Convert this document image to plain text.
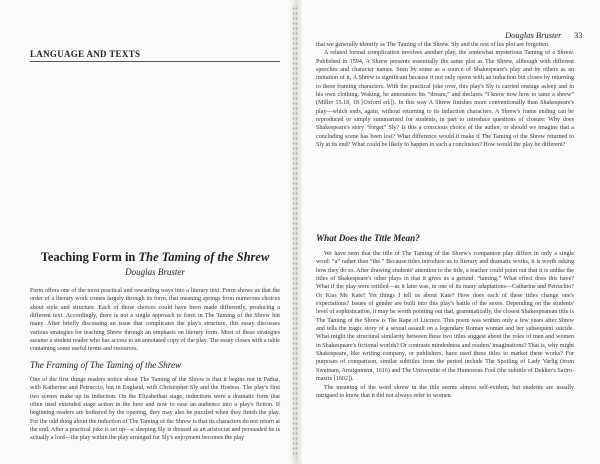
LANGUAGE AND TEXTS
Teaching Form in The Taming of the Shrew
Douglas Bruster

Form offers one of the most practical and rewarding ways into a literary text. Form shows us that the order of a literary work comes largely through its form, that meaning springs from numerous choices about style and structure. Each of those choices could have been made differently, producing a different text. Accordingly, there is not a single approach to form in The Taming of the Shrew but many. After briefly discussing an issue that complicates the play's structure, this essay discusses various strategies for teaching Shrew through an emphasis on literary form. Most of these strategies assume a student reader who has access to an annotated copy of the play. The essay closes with a table containing some useful terms and resources.

The Framing of The Taming of the Shrew

One of the first things readers notice about The Taming of the Shrew is that it begins not in Padua, with Katherine and Petruccio, but in England, with Christopher Sly and the Hostess. The play's first two scenes make up its induction. On the Elizabethan stage, inductions were a dramatic form that often used extended stage action in the here and now to ease an audience into a play's fiction. If beginning readers are bothered by the opening, they may also be puzzled when they finish the play. For the odd thing about the induction of The Taming of the Shrew is that its characters do not return at the end. After a practical joke is set up—a sleeping Sly is dressed as an aristocrat and persuaded he is actually a lord—the play within the play arranged for Sly's enjoyment becomes the play

Douglas Bruster 33

that we generally identify as The Taming of the Shrew. Sly and the rest of his plot are forgotten.

A related formal complication involves another play, the somewhat mysterious Taming of a Shrew. Published in 1594, A Shrew presents essentially the same plot as The Shrew, although with different speeches and character names. Seen by some as a source of Shakespeare's play and by others as an imitation of it, A Shrew is significant because it not only opens with an induction but closes by returning to these framing characters. With the practical joke over, this play's Sly is carried onstage asleep and in his own clothing. Waking, he announces his “dream,” and declares “I know now how to tame a shrew” (Miller 15.18, 18 [Oxford ed.]). In this way A Shrew finishes more conventionally than Shakespeare's play—which ends, again, without returning to its induction characters. A Shrew's frame ending can be reproduced or simply summarized for students, in part to introduce questions of closure: Why does Shakespeare's story “forget” Sly? Is this a conscious choice of the author, or should we imagine that a concluding scene has been lost? What difference would it make if The Taming of the Shrew returned to Sly at its end? What could be likely to happen in such a conclusion? How would the play be different?

What Does the Title Mean?

We have seen that the title of The Taming of the Shrew's companion play differs in only a single word: “a” rather than “the.” Because titles introduce us to literary and dramatic works, it is worth asking how they do so. After drawing students' attention to the title, a teacher could point out that it is unlike the titles of Shakespeare's other plays in that it gives us a gerund: “taming.” What effect does this have? What if the play were retitled—as it later was, in one of its many adaptations—Catharine and Petruchio? Or Kiss Me Kate? Yet things I tell us about Kate? How does each of these titles change one's expectations? Issues of gender are built into this play's battle of the sexes. Depending on the students' level of sophistication, it may be worth pointing out that, grammatically, the closest Shakespearean title is The Taming of the Shrew is The Rape of Lucrece. This poem was written only a few years after Shrew and tells the tragic story of a sexual assault on a legendary Roman woman and her subsequent suicide. What might the structural similarity between these two titles suggest about the roles of men and women in Shakespeare's fictional worlds? Or contrasts mindedness and readers' imaginations? That is, why might Shakespeare, like writing company, or publishers, have used these titles to market these works? For purposes of comparison, similar subtitles from the period include The Spoiling of Lady Varlig (from Swetnam, Arraignment, 1616) and The Universitie of the Humorous Fool (the subtitle of Dekker's Satiro-mastix [1602]).

The meaning of the word shrew in the title seems almost self-evident, but students are usually intrigued to know that it did not always refer to women.
